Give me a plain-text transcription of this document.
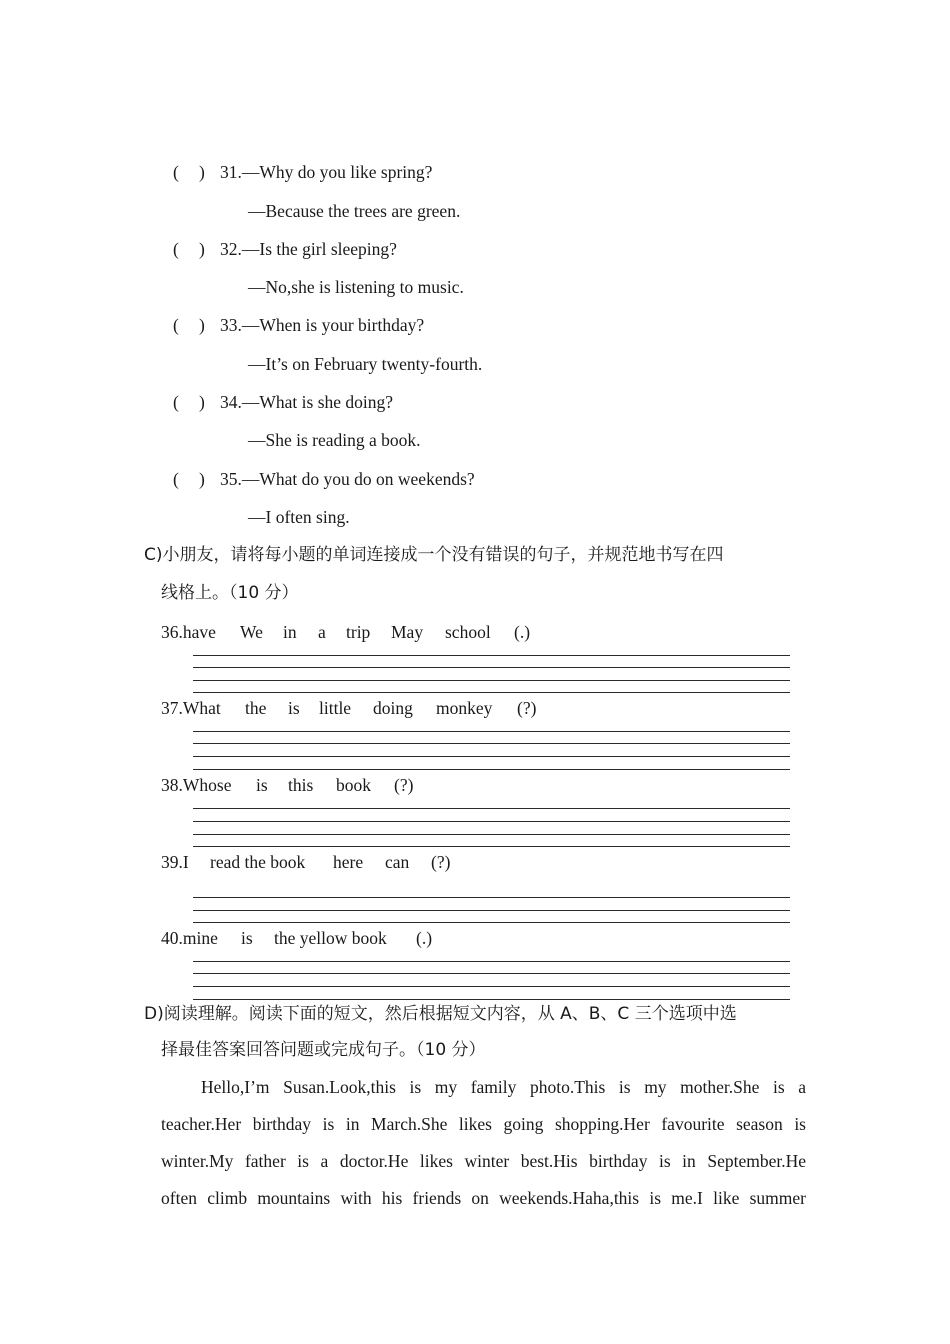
( ) 31.—Why do you like spring?
—Because the trees are green.
( ) 32.—Is the girl sleeping?
—No,she is listening to music.
( ) 33.—When is your birthday?
—It’s on February twenty-fourth.
( ) 34.—What is she doing?
—She is reading a book.
( ) 35.—What do you do on weekends?
—I often sing.
C)小朋友，请将每小题的单词连接成一个没有错误的句子，并规范地书写在四
线格上。（10 分）
36.have We in a trip May school (.)
37.What the is little doing monkey (?)
38.Whose is this book (?)
39.I read the book here can (?)
40.mine is the yellow book (.)
D)阅读理解。阅读下面的短文，然后根据短文内容，从 A、B、C 三个选项中选
择最佳答案回答问题或完成句子。（10 分）
Hello,I’m Susan.Look,this is my family photo.This is my mother.She is a
teacher.Her birthday is in March.She likes going shopping.Her favourite season is
winter.My father is a doctor.He likes winter best.His birthday is in September.He
often climb mountains with his friends on weekends.Haha,this is me.I like summer
